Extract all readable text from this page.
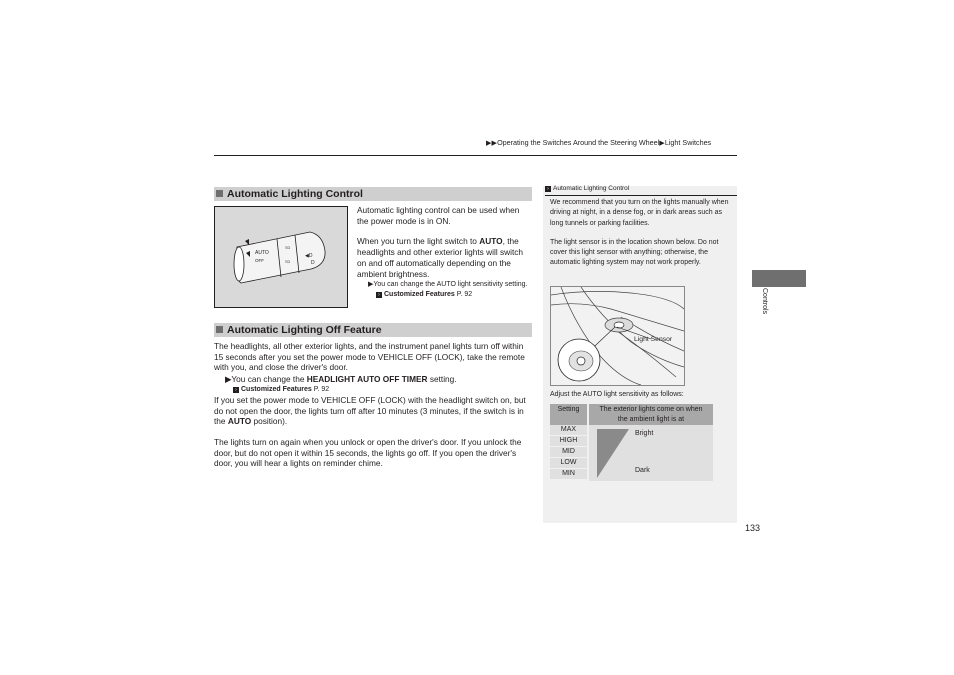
▶▶Operating the Switches Around the Steering Wheel▶Light Switches
Automatic Lighting Control
AUTO
OFF
≡D
≡D
◀D
D
Automatic lighting control can be used when the power mode is in ON.
When you turn the light switch to AUTO, the headlights and other exterior lights will switch on and off automatically depending on the ambient brightness.
▶You can change the AUTO light sensitivity setting.
› Customized Features P. 92
Automatic Lighting Off Feature
The headlights, all other exterior lights, and the instrument panel lights turn off within 15 seconds after you set the power mode to VEHICLE OFF (LOCK), take the remote with you, and close the driver's door.
▶You can change the HEADLIGHT AUTO OFF TIMER setting.
› Customized Features P. 92
If you set the power mode to VEHICLE OFF (LOCK) with the headlight switch on, but do not open the door, the lights turn off after 10 minutes (3 minutes, if the switch is in the AUTO position).
The lights turn on again when you unlock or open the driver's door. If you unlock the door, but do not open it within 15 seconds, the lights go off. If you open the driver's door, you will hear a lights on reminder chime.
› Automatic Lighting Control
We recommend that you turn on the lights manually when driving at night, in a dense fog, or in dark areas such as long tunnels or parking facilities.
The light sensor is in the location shown below. Do not cover this light sensor with anything; otherwise, the automatic lighting system may not work properly.
Light Sensor
Adjust the AUTO light sensitivity as follows:
Setting	The exterior lights come on when the ambient light is at
MAX
HIGH
MID
LOW
MIN
Bright
Dark
Controls
133
